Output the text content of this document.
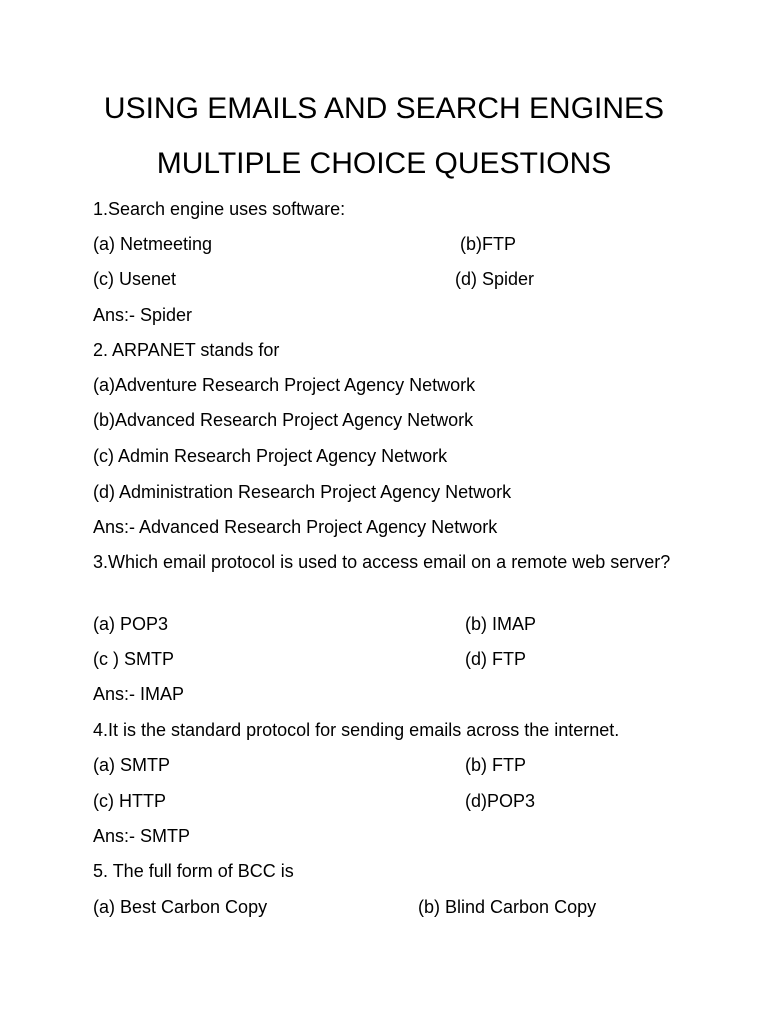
USING EMAILS AND SEARCH ENGINES
MULTIPLE CHOICE QUESTIONS
1.Search engine uses software:
(a) Netmeeting	(b)FTP
(c) Usenet	(d) Spider
Ans:- Spider
2. ARPANET stands for
(a)Adventure Research Project Agency Network
(b)Advanced Research Project Agency Network
(c) Admin Research Project Agency Network
(d) Administration Research Project Agency Network
Ans:- Advanced Research Project Agency Network
3.Which email protocol is used to access email on a remote web server?
(a) POP3	(b) IMAP
(c ) SMTP	(d) FTP
Ans:- IMAP
4.It is the standard protocol for sending emails across the internet.
(a) SMTP	(b) FTP
(c) HTTP	(d)POP3
Ans:- SMTP
5. The full form of BCC is
(a) Best Carbon Copy	(b) Blind Carbon Copy
